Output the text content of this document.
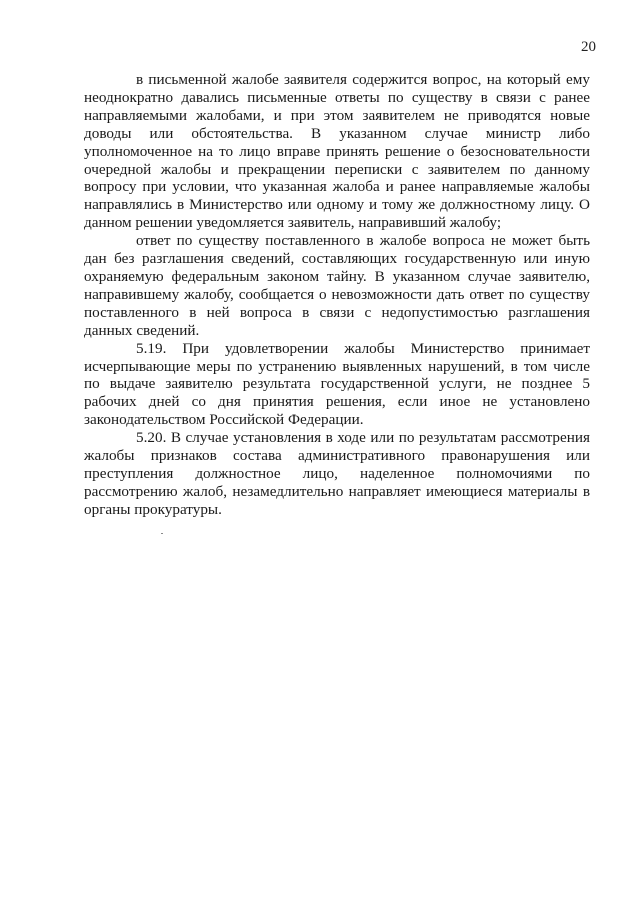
20

в письменной жалобе заявителя содержится вопрос, на который ему неоднократно давались письменные ответы по существу в связи с ранее направляемыми жалобами, и при этом заявителем не приводятся новые доводы или обстоятельства. В указанном случае министр либо уполномоченное на то лицо вправе принять решение о безосновательности очередной жалобы и прекращении переписки с заявителем по данному вопросу при условии, что указанная жалоба и ранее направляемые жалобы направлялись в Министерство или одному и тому же должностному лицу. О данном решении уведомляется заявитель, направивший жалобу;

ответ по существу поставленного в жалобе вопроса не может быть дан без разглашения сведений, составляющих государственную или иную охраняемую федеральным законом тайну. В указанном случае заявителю, направившему жалобу, сообщается о невозможности дать ответ по существу поставленного в ней вопроса в связи с недопустимостью разглашения данных сведений.

5.19. При удовлетворении жалобы Министерство принимает исчерпывающие меры по устранению выявленных нарушений, в том числе по выдаче заявителю результата государственной услуги, не позднее 5 рабочих дней со дня принятия решения, если иное не установлено законодательством Российской Федерации.

5.20. В случае установления в ходе или по результатам рассмотрения жалобы признаков состава административного правонарушения или преступления должностное лицо, наделенное полномочиями по рассмотрению жалоб, незамедлительно направляет имеющиеся материалы в органы прокуратуры.
